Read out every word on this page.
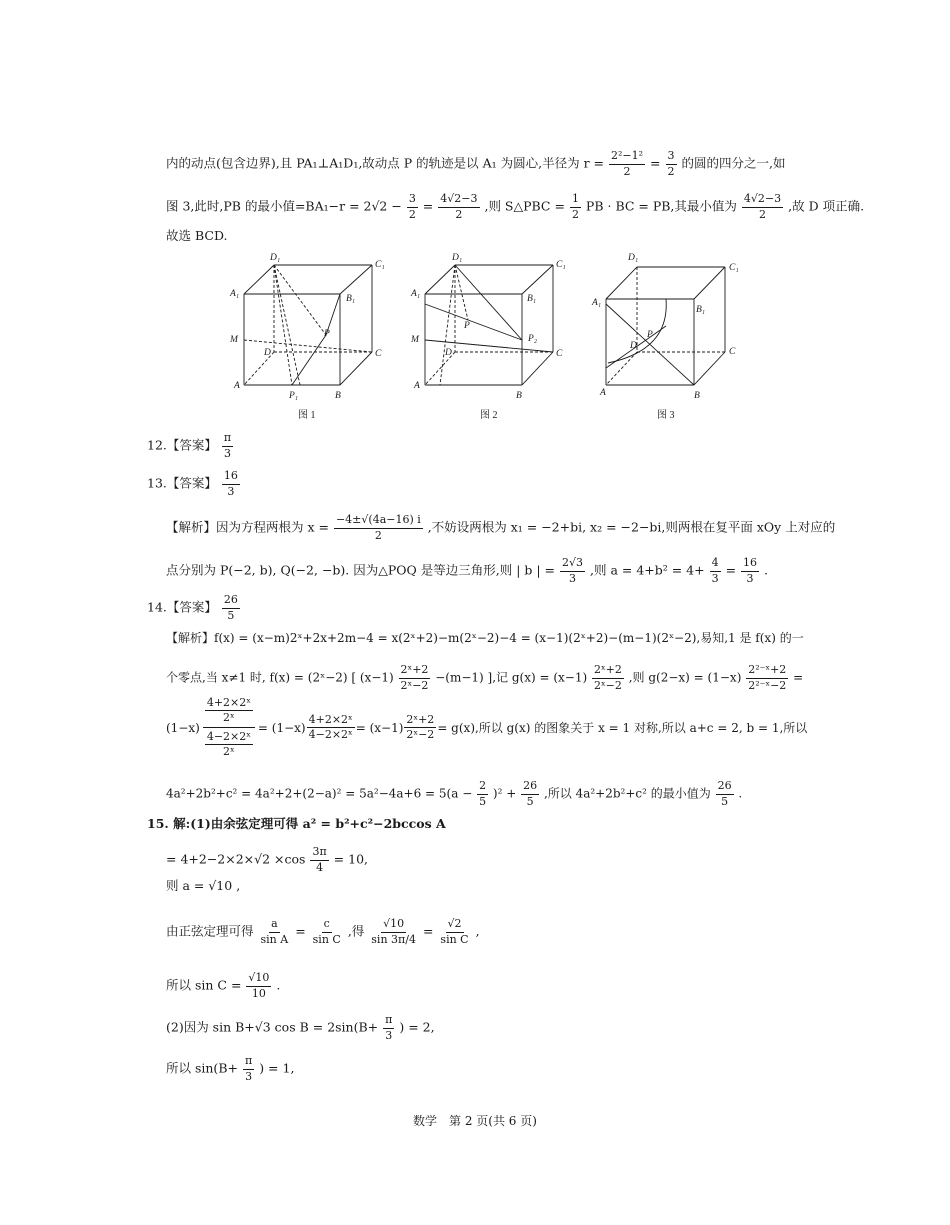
内的动点(包含边界),且 PA₁⊥A₁D₁,故动点 P 的轨迹是以 A₁ 为圆心,半径为 $r = \frac{\text{2²−1²}}{2} = \frac{3}{2}$ 的圆的四分之一,如
图 3,此时,PB 的最小值$=BA_1-r = 2√2 - \frac{3}{2} = \frac{4√2-3}{2}$ ,则 S△PBC = $\frac{1}{2}$ PB · BC = PB,其最小值为 $\frac{4√2-3}{2}$ ,故 D 项正确.
故选 BCD.
D₁
C₁
A₁	B₁
M
P
D	C
A
P₁	B
图 1
D₁
C₁
A₁	B₁
P
M	P₂
D	C
A
B
图 2
D₁
C₁
A₁
B₁
P
D
C
A	B
图 3
12.【答案】 $\frac{\pi}{3}$
13.【答案】 $\frac{16}{3}$
【解析】因为方程两根为 $x = \frac{-4\pm√(4a-16) i}{2}$ ,不妨设两根为 x₁ = −2+bi, x₂ = −2−bi,则两根在复平面 xOy 上对应的
点分别为 P(−2, b), Q(−2, −b). 因为△POQ 是等边三角形,则 | b | = $\frac{2√3}{3}$ ,则 $a = 4+b^2 = 4+ \frac{4}{3} = \frac{16}{3}$ .
14.【答案】 $\frac{26}{5}$
【解析】f(x) = (x−m)2ˣ+2x+2m−4 = x(2ˣ+2)−m(2ˣ−2)−4 = (x−1)(2ˣ+2)−(m−1)(2ˣ−2),易知,1 是 f(x) 的一
个零点,当 x≠1 时, f(x) = (2ˣ−2) [ $(x-1) \frac{\text{2ˣ+2}}{\text{2ˣ−2}} -(m-1)$ ],记 $g(x) = (x-1) \frac{\text{2ˣ+2}}{\text{2ˣ−2}}$ ,则 $g(2-x) = (1-x) \frac{\text{2²⁻ˣ+2}}{\text{2²⁻ˣ−2}}$ =
(1−x) 4+2×2ˣ
2ˣ
4−2×2ˣ
2ˣ = $(1-x) \frac{\text{4+2×2ˣ}}{\text{4−2×2ˣ}} = (x-1) \frac{\text{2ˣ+2}}{\text{2ˣ−2}} = g(x)$,所以 g(x) 的图象关于 x = 1 对称,所以 a+c = 2, b = 1,所以
$4a^2+2b^2+c^2 = 4a^2+2+(2-a)^2 = 5a^2-4a+6 = 5(a - \frac{2}{5} )^2 + \frac{26}{5}$ ,所以 4a²+2b²+c² 的最小值为 $\frac{26}{5}$ .
15. 解:(1)由余弦定理可得 a² = b²+c²−2bccos A
= $4+2-2\times 2\times√2 \times\cos \frac{3\pi}{4} = 10$,
则 a = √10 ,
由正弦定理可得 $\frac{a}{\text{sin A}} = \frac{c}{\text{sin C}}$ ,得 $\frac{√10}{\sin 3\pi/4} = \frac{√2}{\text{sin C}}$ ,
所以 $\sin C = \frac{√10}{10}$ .
(2)因为 sin B+√3 $\cos B = 2\sin(B+ \frac{\pi}{3}$ ) = 2,
所以 $\sin(B+ \frac{\pi}{3}$ ) = 1,
数学　第 2 页(共 6 页)
